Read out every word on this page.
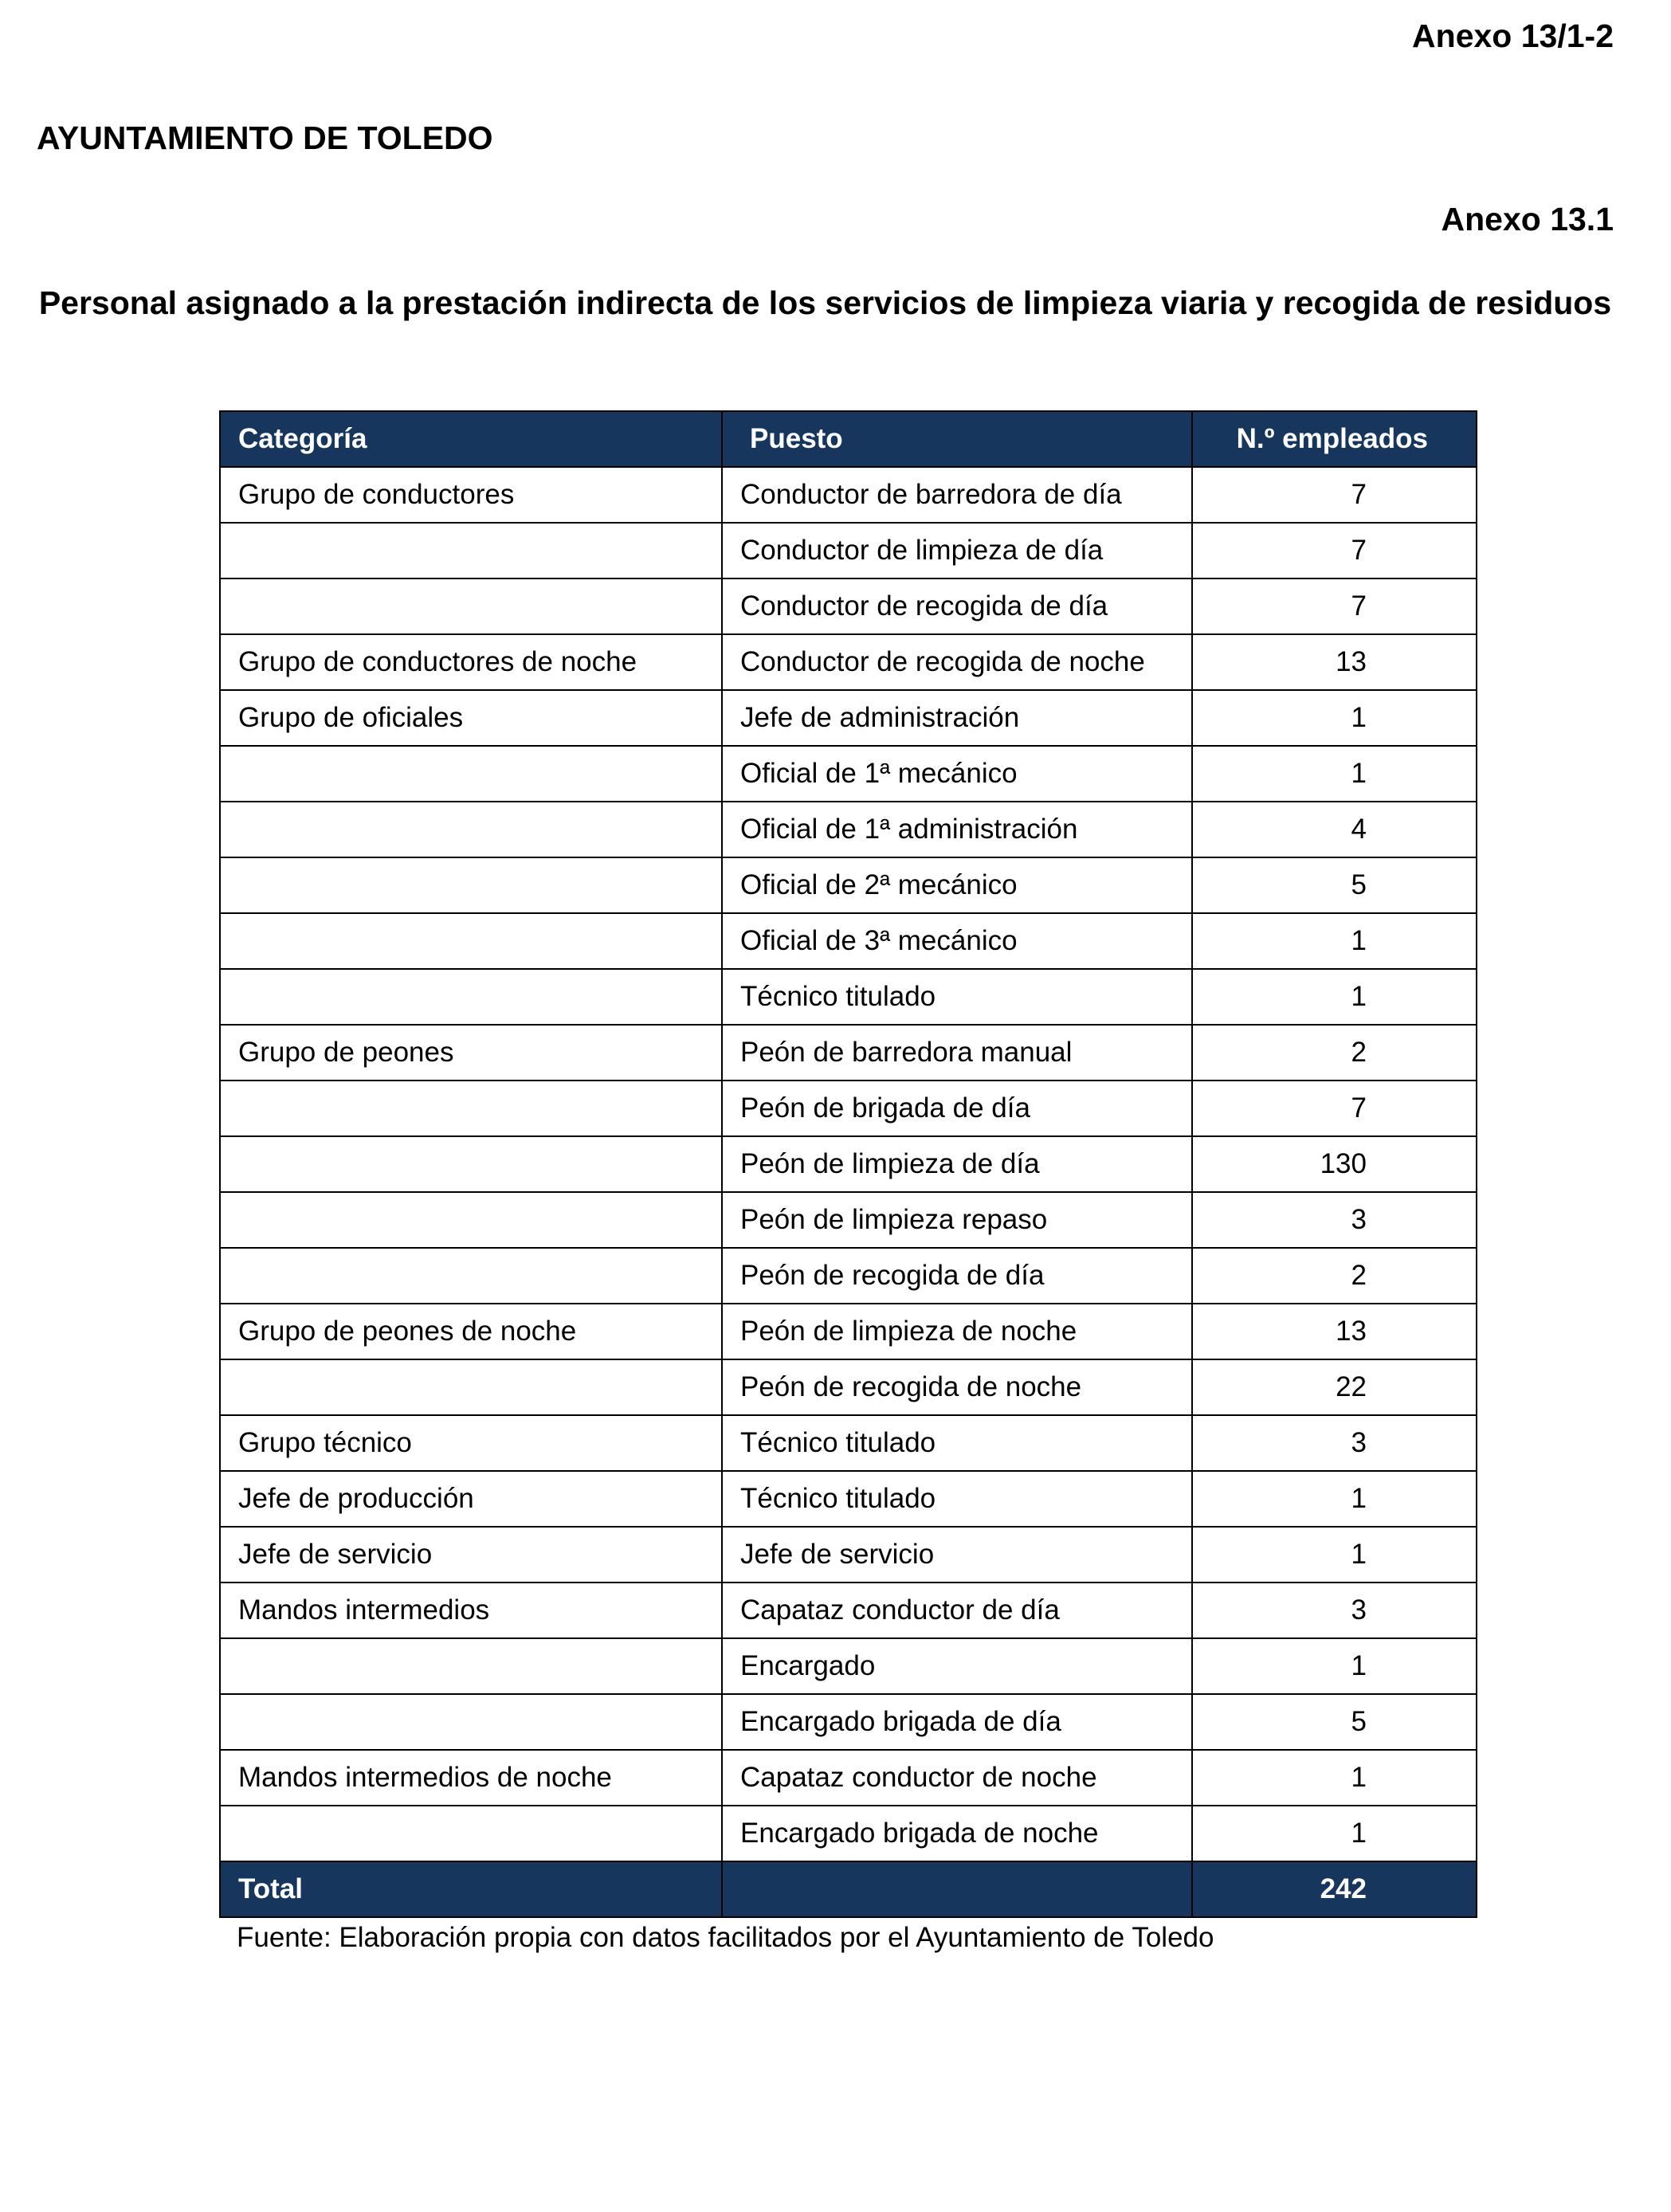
Anexo 13/1-2
AYUNTAMIENTO DE TOLEDO
Anexo 13.1
Personal asignado a la prestación indirecta de los servicios de limpieza viaria y recogida de residuos
Categoría	Puesto	N.º empleados
Grupo de conductores	Conductor de barredora de día	7
	Conductor de limpieza de día	7
	Conductor de recogida de día	7
Grupo de conductores de noche	Conductor de recogida de noche	13
Grupo de oficiales	Jefe de administración	1
	Oficial de 1ª mecánico	1
	Oficial de 1ª administración	4
	Oficial de 2ª mecánico	5
	Oficial de 3ª mecánico	1
	Técnico titulado	1
Grupo de peones	Peón de barredora manual	2
	Peón de brigada de día	7
	Peón de limpieza de día	130
	Peón de limpieza repaso	3
	Peón de recogida de día	2
Grupo de peones de noche	Peón de limpieza de noche	13
	Peón de recogida de noche	22
Grupo técnico	Técnico titulado	3
Jefe de producción	Técnico titulado	1
Jefe de servicio	Jefe de servicio	1
Mandos intermedios	Capataz conductor de día	3
	Encargado	1
	Encargado brigada de día	5
Mandos intermedios de noche	Capataz conductor de noche	1
	Encargado brigada de noche	1
Total		242
Fuente: Elaboración propia con datos facilitados por el Ayuntamiento de Toledo
